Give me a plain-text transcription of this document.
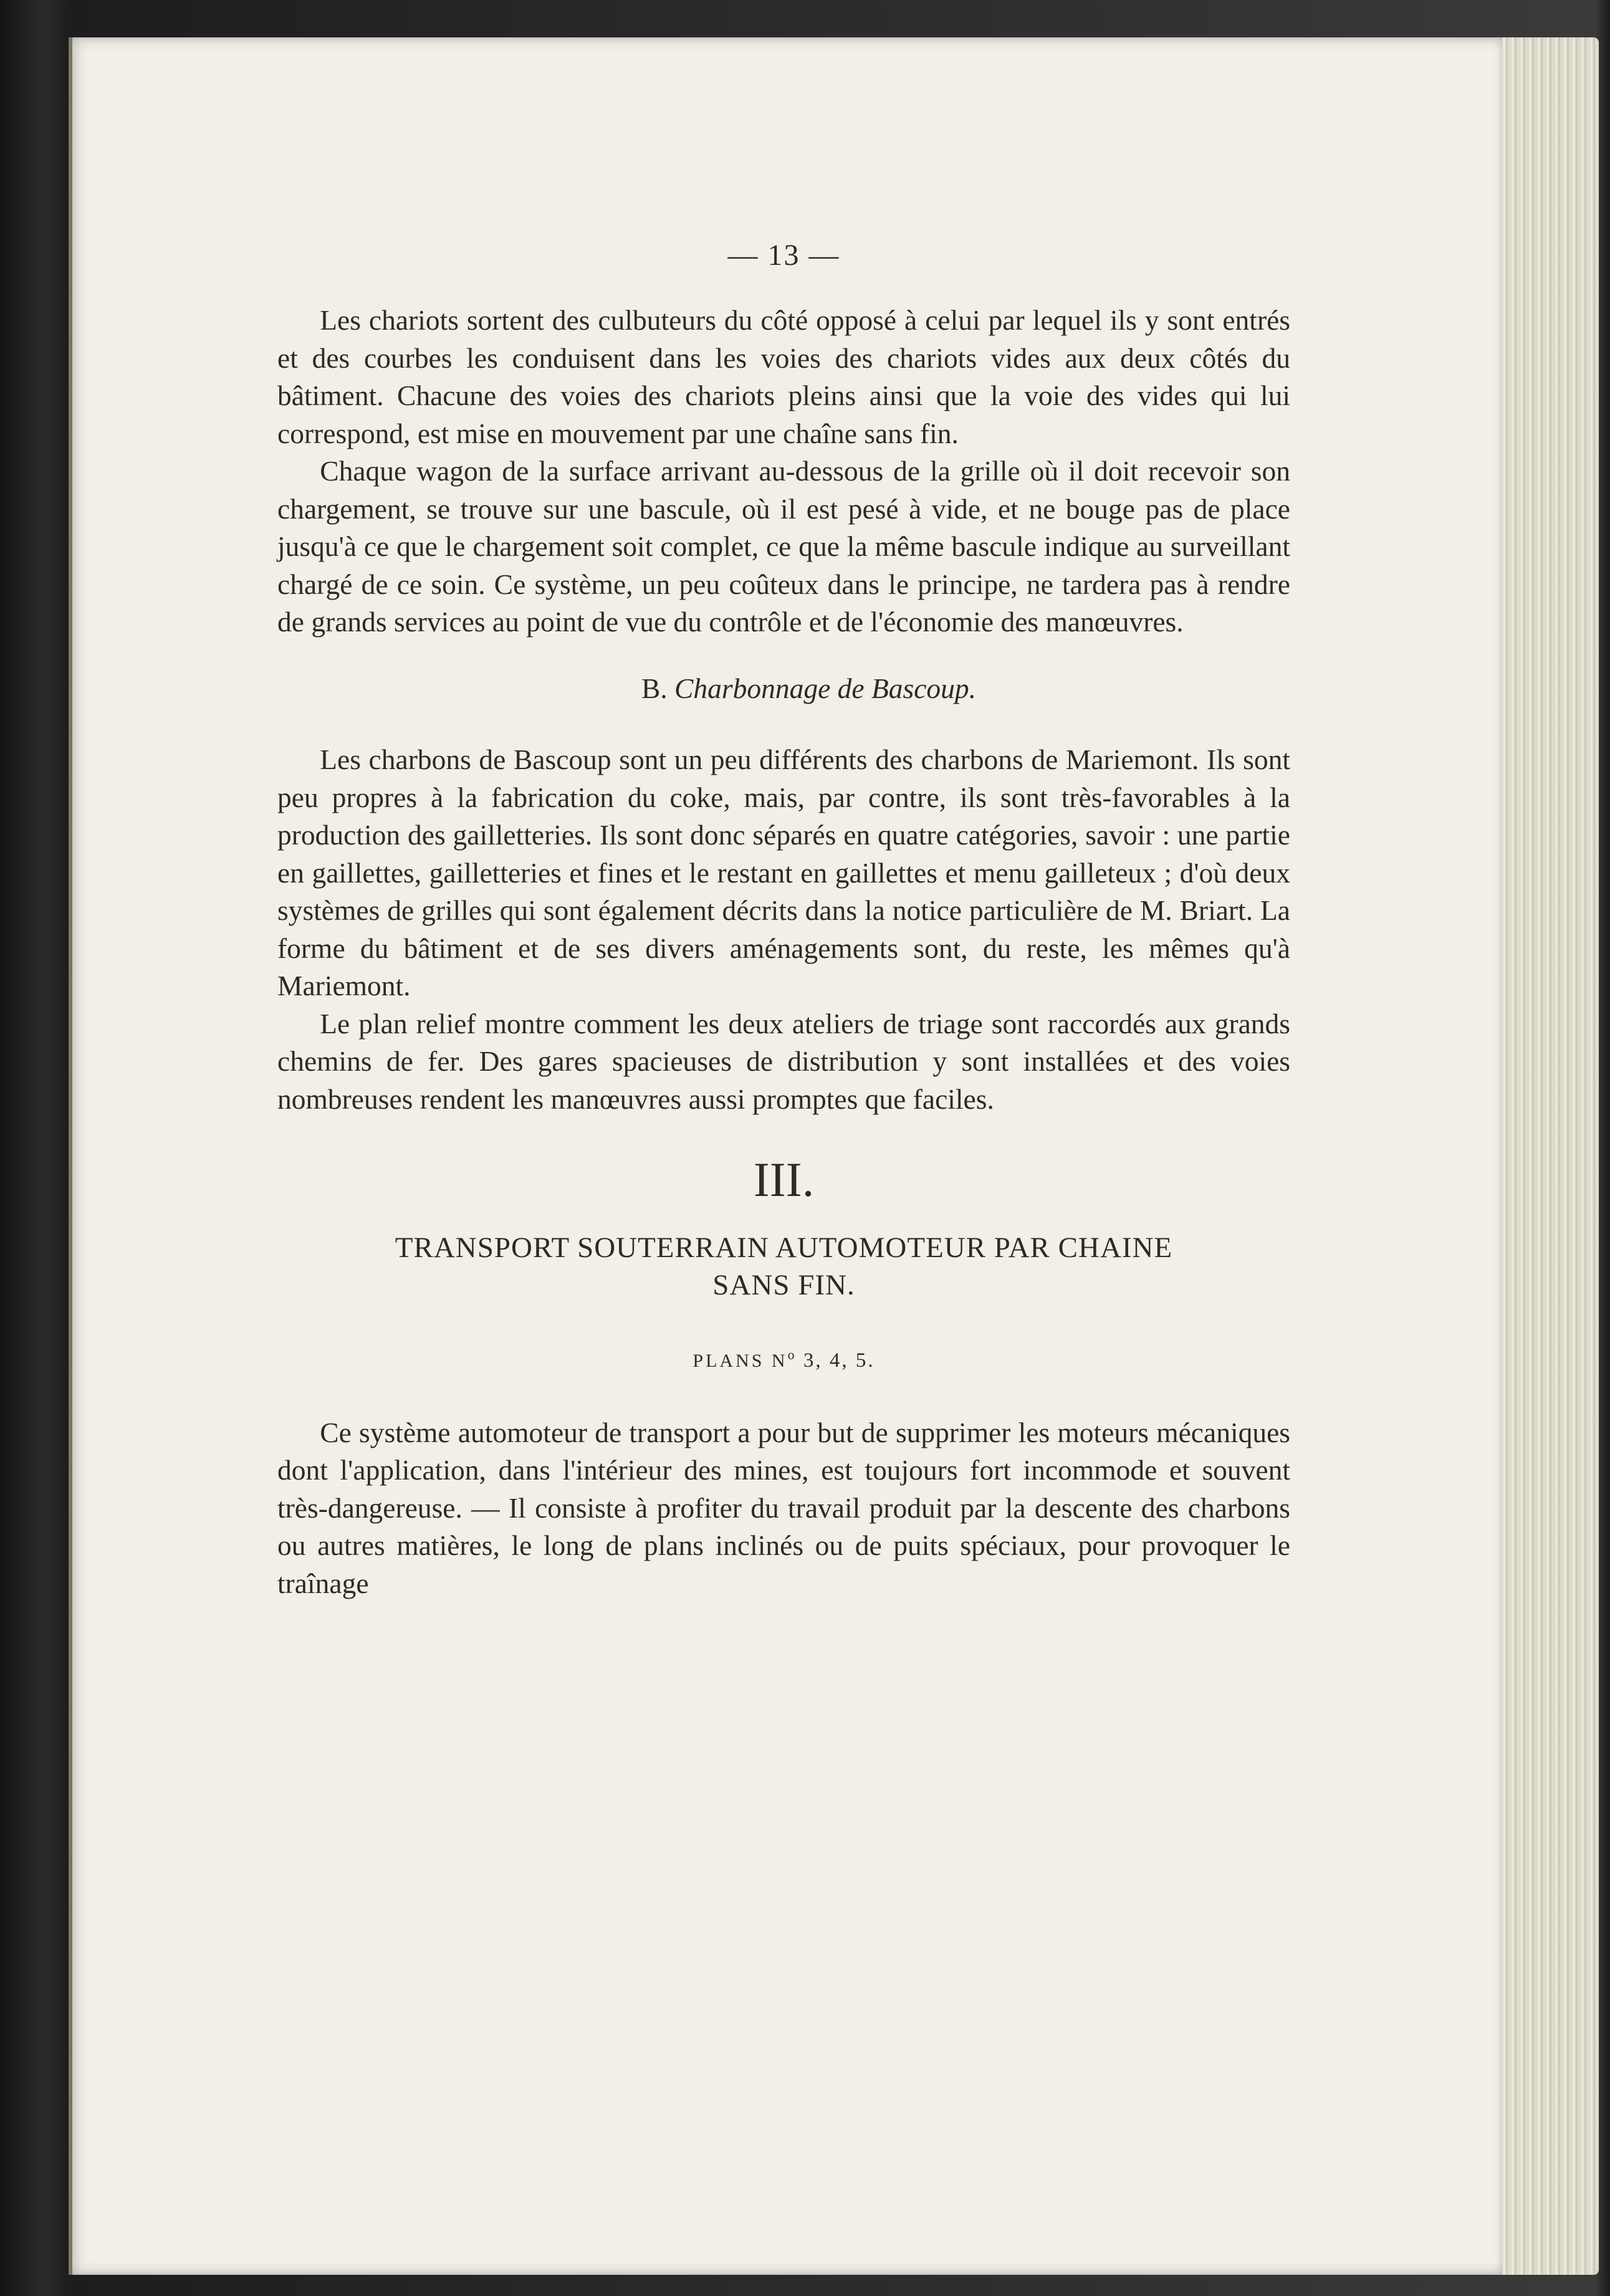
— 13 —

Les chariots sortent des culbuteurs du côté opposé à celui par lequel ils y sont entrés et des courbes les conduisent dans les voies des chariots vides aux deux côtés du bâtiment. Chacune des voies des chariots pleins ainsi que la voie des vides qui lui correspond, est mise en mouvement par une chaîne sans fin.

Chaque wagon de la surface arrivant au-dessous de la grille où il doit recevoir son chargement, se trouve sur une bascule, où il est pesé à vide, et ne bouge pas de place jusqu'à ce que le chargement soit complet, ce que la même bascule indique au surveillant chargé de ce soin. Ce système, un peu coûteux dans le principe, ne tardera pas à rendre de grands services au point de vue du contrôle et de l'économie des manœuvres.

B. Charbonnage de Bascoup.

Les charbons de Bascoup sont un peu différents des charbons de Mariemont. Ils sont peu propres à la fabrication du coke, mais, par contre, ils sont très-favorables à la production des gailletteries. Ils sont donc séparés en quatre catégories, savoir : une partie en gaillettes, gailletteries et fines et le restant en gaillettes et menu gailleteux ; d'où deux systèmes de grilles qui sont également décrits dans la notice particulière de M. Briart. La forme du bâtiment et de ses divers aménagements sont, du reste, les mêmes qu'à Mariemont.

Le plan relief montre comment les deux ateliers de triage sont raccordés aux grands chemins de fer. Des gares spacieuses de distribution y sont installées et des voies nombreuses rendent les manœuvres aussi promptes que faciles.

III.
TRANSPORT SOUTERRAIN AUTOMOTEUR PAR CHAINE
SANS FIN.
PLANS $N^o$ 3, 4, 5.

Ce système automoteur de transport a pour but de supprimer les moteurs mécaniques dont l'application, dans l'intérieur des mines, est toujours fort incommode et souvent très-dangereuse. — Il consiste à profiter du travail produit par la descente des charbons ou autres matières, le long de plans inclinés ou de puits spéciaux, pour provoquer le traînage
